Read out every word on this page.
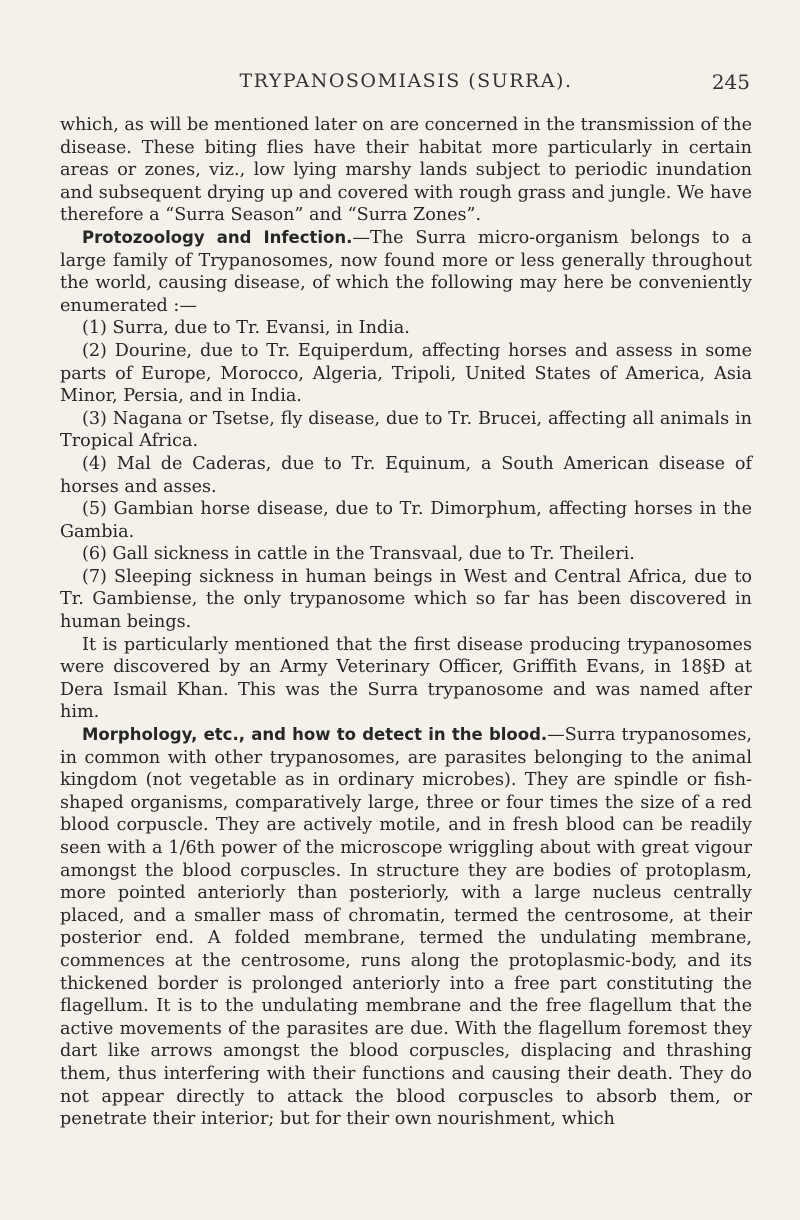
TRYPANOSOMIASIS (SURRA).	245

which, as will be mentioned later on are concerned in the transmission of the disease. These biting flies have their habitat more particularly in certain areas or zones, viz., low lying marshy lands subject to periodic inundation and subsequent drying up and covered with rough grass and jungle. We have therefore a “Surra Season” and “Surra Zones”.

Protozoology and Infection.—The Surra micro-organism belongs to a large family of Trypanosomes, now found more or less generally throughout the world, causing disease, of which the following may here be conveniently enumerated :—

(1) Surra, due to Tr. Evansi, in India.

(2) Dourine, due to Tr. Equiperdum, affecting horses and assess in some parts of Europe, Morocco, Algeria, Tripoli, United States of America, Asia Minor, Persia, and in India.

(3) Nagana or Tsetse, fly disease, due to Tr. Brucei, affecting all animals in Tropical Africa.

(4) Mal de Caderas, due to Tr. Equinum, a South American disease of horses and asses.

(5) Gambian horse disease, due to Tr. Dimorphum, affecting horses in the Gambia.

(6) Gall sickness in cattle in the Transvaal, due to Tr. Theileri.

(7) Sleeping sickness in human beings in West and Central Africa, due to Tr. Gambiense, the only trypanosome which so far has been discovered in human beings.

It is particularly mentioned that the first disease producing trypanosomes were discovered by an Army Veterinary Officer, Griffith Evans, in 18§Ð at Dera Ismail Khan. This was the Surra trypanosome and was named after him.

Morphology, etc., and how to detect in the blood.—Surra trypanosomes, in common with other trypanosomes, are parasites belonging to the animal kingdom (not vegetable as in ordinary microbes). They are spindle or fish-shaped organisms, comparatively large, three or four times the size of a red blood corpuscle. They are actively motile, and in fresh blood can be readily seen with a 1/6th power of the microscope wriggling about with great vigour amongst the blood corpuscles. In structure they are bodies of protoplasm, more pointed anteriorly than posteriorly, with a large nucleus centrally placed, and a smaller mass of chromatin, termed the centrosome, at their posterior end. A folded membrane, termed the undulating membrane, commences at the centrosome, runs along the protoplasmic-body, and its thickened border is prolonged anteriorly into a free part constituting the flagellum. It is to the undulating membrane and the free flagellum that the active movements of the parasites are due. With the flagellum foremost they dart like arrows amongst the blood corpuscles, displacing and thrashing them, thus interfering with their functions and causing their death. They do not appear directly to attack the blood corpuscles to absorb them, or penetrate their interior; but for their own nourishment, which
